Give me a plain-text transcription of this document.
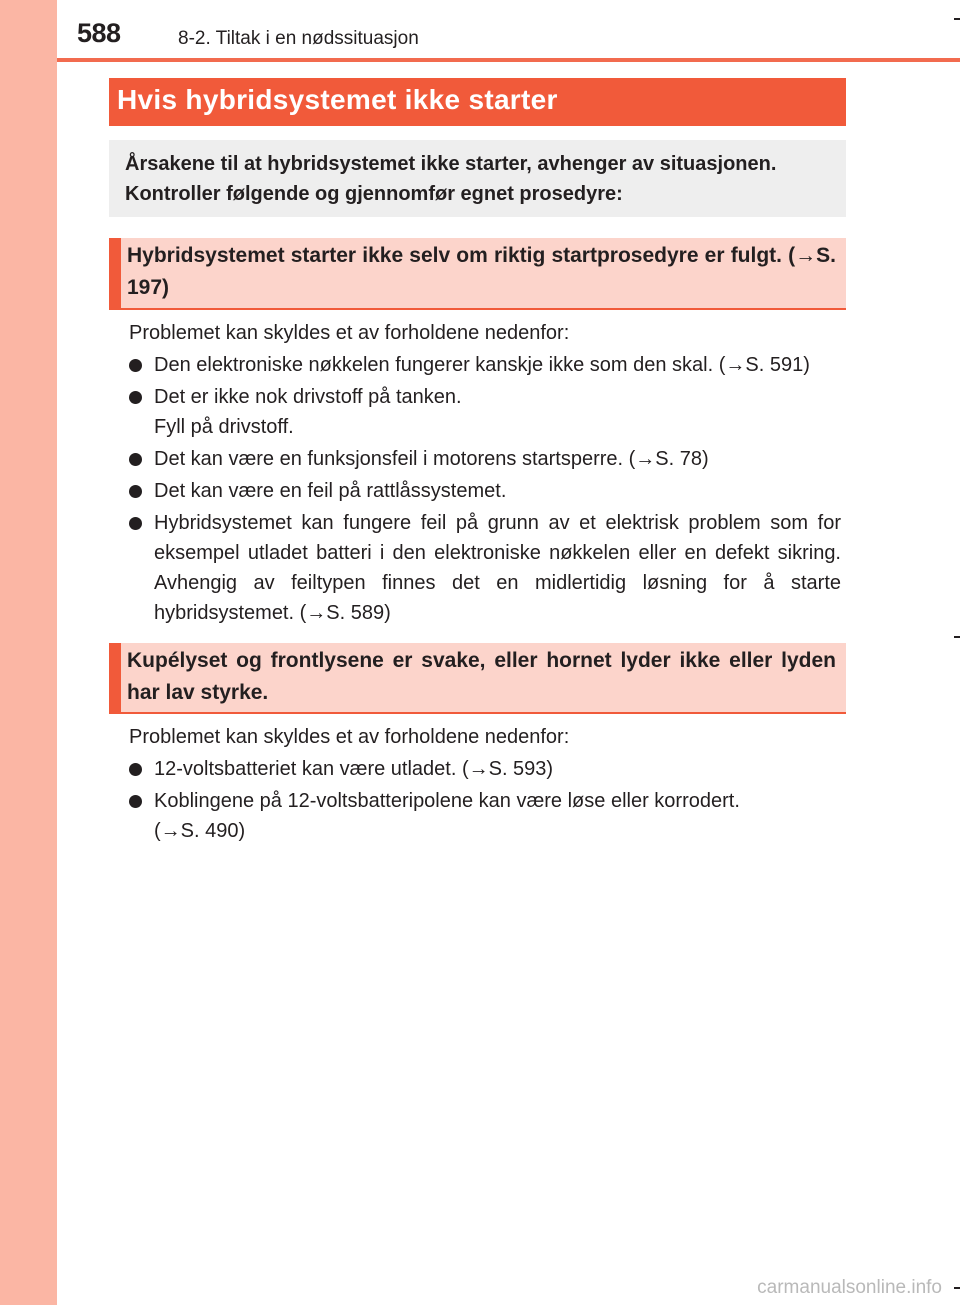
588	8-2. Tiltak i en nødssituasjon
Hvis hybridsystemet ikke starter
Årsakene til at hybridsystemet ikke starter, avhenger av situasjonen. Kontroller følgende og gjennomfør egnet prosedyre:
Hybridsystemet starter ikke selv om riktig startprosedyre er fulgt. (→S. 197)
Problemet kan skyldes et av forholdene nedenfor:
Den elektroniske nøkkelen fungerer kanskje ikke som den skal. (→S. 591)
Det er ikke nok drivstoff på tanken.
Fyll på drivstoff.
Det kan være en funksjonsfeil i motorens startsperre. (→S. 78)
Det kan være en feil på rattlåssystemet.
Hybridsystemet kan fungere feil på grunn av et elektrisk problem som for eksempel utladet batteri i den elektroniske nøkkelen eller en defekt sikring. Avhengig av feiltypen finnes det en midlertidig løsning for å starte hybridsystemet. (→S. 589)
Kupélyset og frontlysene er svake, eller hornet lyder ikke eller lyden har lav styrke.
Problemet kan skyldes et av forholdene nedenfor:
12-voltsbatteriet kan være utladet. (→S. 593)
Koblingene på 12-voltsbatteripolene kan være løse eller korrodert.
(→S. 490)
carmanualsonline.info
